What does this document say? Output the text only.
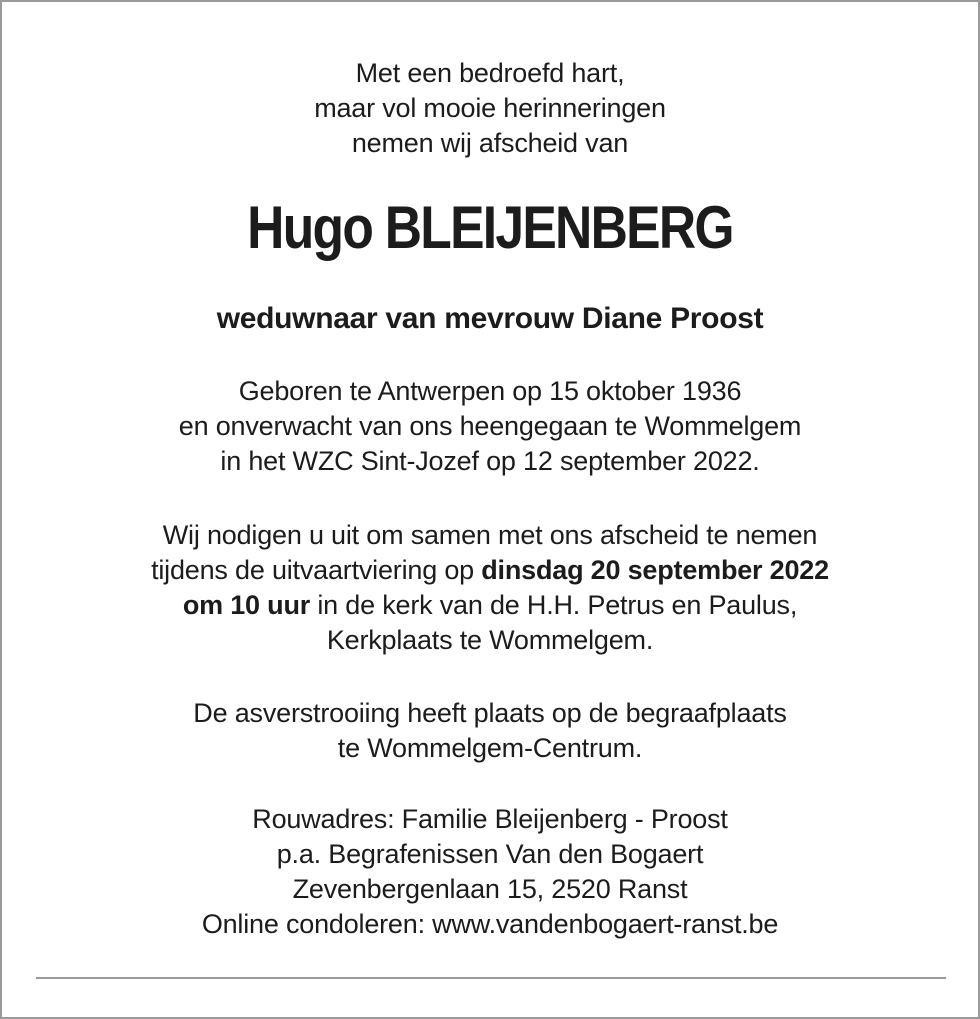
Met een bedroefd hart,
maar vol mooie herinneringen
nemen wij afscheid van
Hugo BLEIJENBERG
weduwnaar van mevrouw Diane Proost
Geboren te Antwerpen op 15 oktober 1936
en onverwacht van ons heengegaan te Wommelgem
in het WZC Sint-Jozef op 12 september 2022.
Wij nodigen u uit om samen met ons afscheid te nemen
tijdens de uitvaartviering op dinsdag 20 september 2022
om 10 uur in de kerk van de H.H. Petrus en Paulus,
Kerkplaats te Wommelgem.
De asverstrooiing heeft plaats op de begraafplaats
te Wommelgem-Centrum.
Rouwadres: Familie Bleijenberg - Proost
p.a. Begrafenissen Van den Bogaert
Zevenbergenlaan 15, 2520 Ranst
Online condoleren: www.vandenbogaert-ranst.be
